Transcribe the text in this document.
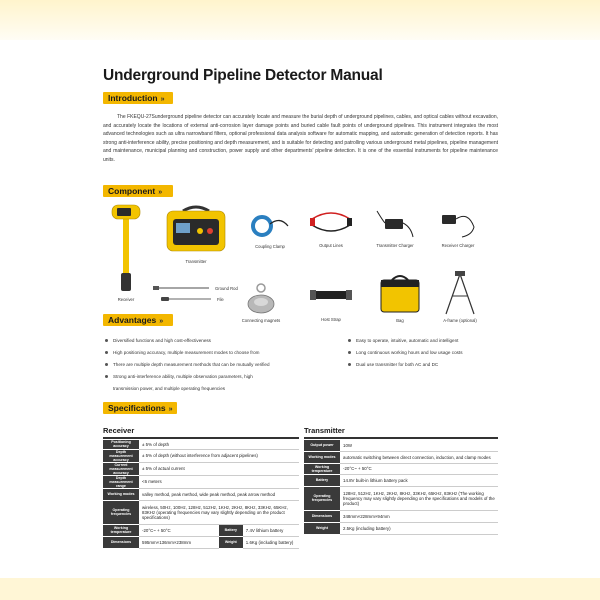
Underground Pipeline Detector Manual
Introduction »

The FKEQU-27Sunderground pipeline detector can accurately locate and measure the burial depth of underground pipelines, cables, and optical cables without excavation, and accurately locate the locations of external anti-corrosion layer damage points and buried cable fault points of underground pipelines. This instrument integrates the most advanced technologies such as ultra narrowband filters, optional professional data analysis software for automatic mapping, and automatic generation of detection reports. It has strong anti-interference ability, precise positioning and depth measurement, and is suitable for detecting and patrolling various underground metal pipelines, pipeline management and maintenance, municipal planning and construction, power supply and other departments' pipeline detection. It is one of the essential instruments for pipeline maintenance units.

Component »
Receiver
Transmitter
Coupling Clamp	Output Lines	Transmitter Charger	Receiver Charger
Ground Rod
File
Connecting magnets	Host Strap	Bag	A-frame (optional)
Advantages »
Diversified functions and high cost-effectiveness
High positioning accuracy, multiple measurement modes to choose from
There are multiple depth measurement methods that can be mutually verified
Strong anti-interference ability, multiple observation parameters, high
transmission power, and multiple operating frequencies
Easy to operate, intuitive, automatic and intelligent
Long continuous working hours and low usage costs
Dual use transmitter for both AC and DC
Specifications »
Receiver
Positioning accuracy	± 5% of depth		
Depth measurement accuracy	± 5% of depth (without interference from adjacent pipelines)		
Current measurement accuracy	± 5% of actual current		
Depth measurement range	<6 meters		
Working modes	valley method, peak method, wide peak method, peak arrow method		
Operating frequencies	wireless, 50Hz, 100Hz, 128Hz, 512Hz, 1KHz, 2KHz, 8KHz, 33KHz, 65KHz, 83KHz (operating frequencies may vary slightly depending on the product specifications)		
Working temperature	-20°C~ + 50°C	Battery	7.4V lithium battery
Dimensions	595mm×136mm×238mm	Weight	1.6Kg (including battery)
Transmitter
Output power	10W
Working modes	automatic switching between direct connection, induction, and clamp modes
Working temperature	-20°C~ + 50°C
Battery	14.8V built-in lithium battery pack
Operating frequencies	128Hz, 512Hz, 1KHz, 2KHz, 8KHz, 33KHz, 65KHz, 83KHz (The working frequency may vary slightly depending on the specifications and models of the product)
Dimensions	348mm×228mm×94mm
Weight	2.5Kg (including battery)
